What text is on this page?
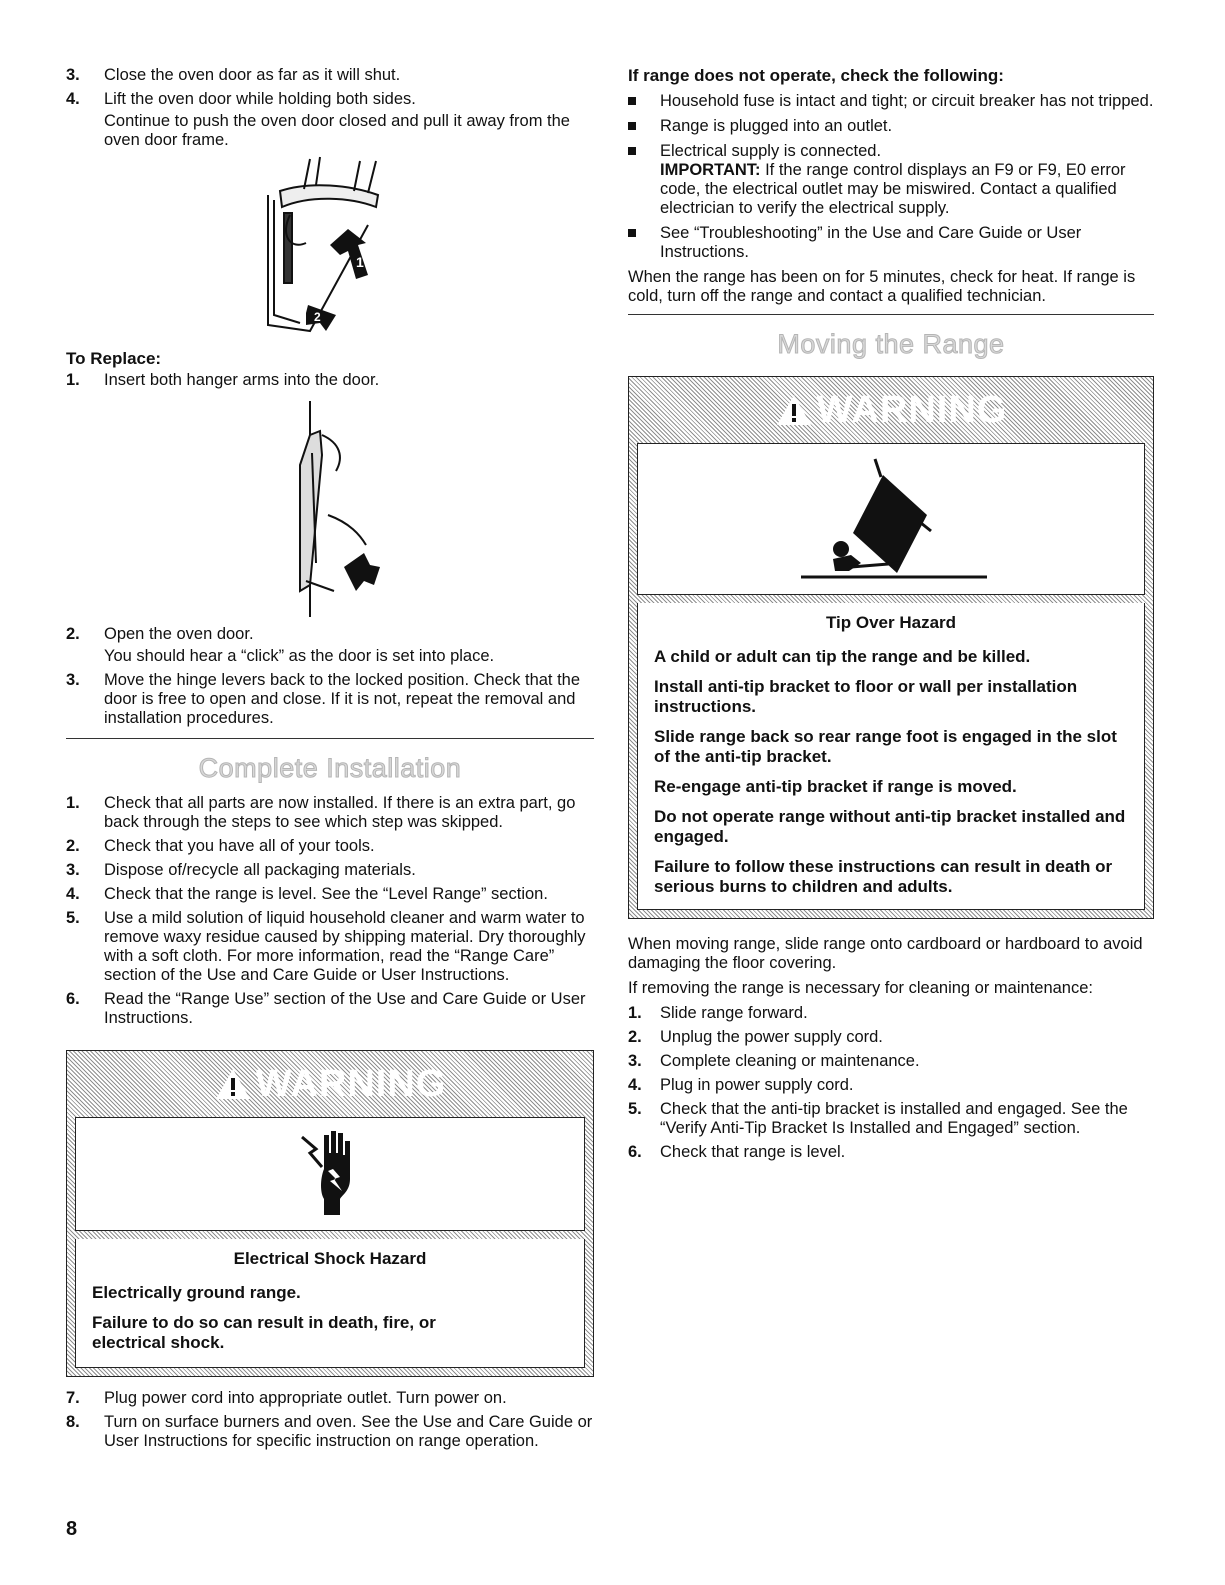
3.	Close the oven door as far as it will shut.
4.	Lift the oven door while holding both sides.
Continue to push the oven door closed and pull it away from the oven door frame.
1
2
To Replace:
1.	Insert both hanger arms into the door.
2.	Open the oven door.
You should hear a “click” as the door is set into place.
3.	Move the hinge levers back to the locked position. Check that the door is free to open and close. If it is not, repeat the removal and installation procedures.
Complete Installation
1.	Check that all parts are now installed. If there is an extra part, go back through the steps to see which step was skipped.
2.	Check that you have all of your tools.
3.	Dispose of/recycle all packaging materials.
4.	Check that the range is level. See the “Level Range” section.
5.	Use a mild solution of liquid household cleaner and warm water to remove waxy residue caused by shipping material. Dry thoroughly with a soft cloth. For more information, read the “Range Care” section of the Use and Care Guide or User Instructions.
6.	Read the “Range Use” section of the Use and Care Guide or User Instructions.
WARNING
Electrical Shock Hazard
Electrically ground range.
Failure to do so can result in death, fire, or electrical shock.
7.	Plug power cord into appropriate outlet. Turn power on.
8.	Turn on surface burners and oven. See the Use and Care Guide or User Instructions for specific instruction on range operation.
If range does not operate, check the following:
Household fuse is intact and tight; or circuit breaker has not tripped.
Range is plugged into an outlet.
Electrical supply is connected.
IMPORTANT: If the range control displays an F9 or F9, E0 error code, the electrical outlet may be miswired. Contact a qualified electrician to verify the electrical supply.
See “Troubleshooting” in the Use and Care Guide or User Instructions.

When the range has been on for 5 minutes, check for heat. If range is cold, turn off the range and contact a qualified technician.

Moving the Range
WARNING
Tip Over Hazard
A child or adult can tip the range and be killed.
Install anti-tip bracket to floor or wall per installation instructions.
Slide range back so rear range foot is engaged in the slot of the anti-tip bracket.
Re-engage anti-tip bracket if range is moved.
Do not operate range without anti-tip bracket installed and engaged.
Failure to follow these instructions can result in death or serious burns to children and adults.

When moving range, slide range onto cardboard or hardboard to avoid damaging the floor covering.

If removing the range is necessary for cleaning or maintenance:

1.	Slide range forward.
2.	Unplug the power supply cord.
3.	Complete cleaning or maintenance.
4.	Plug in power supply cord.
5.	Check that the anti-tip bracket is installed and engaged. See the “Verify Anti-Tip Bracket Is Installed and Engaged” section.
6.	Check that range is level.
8
